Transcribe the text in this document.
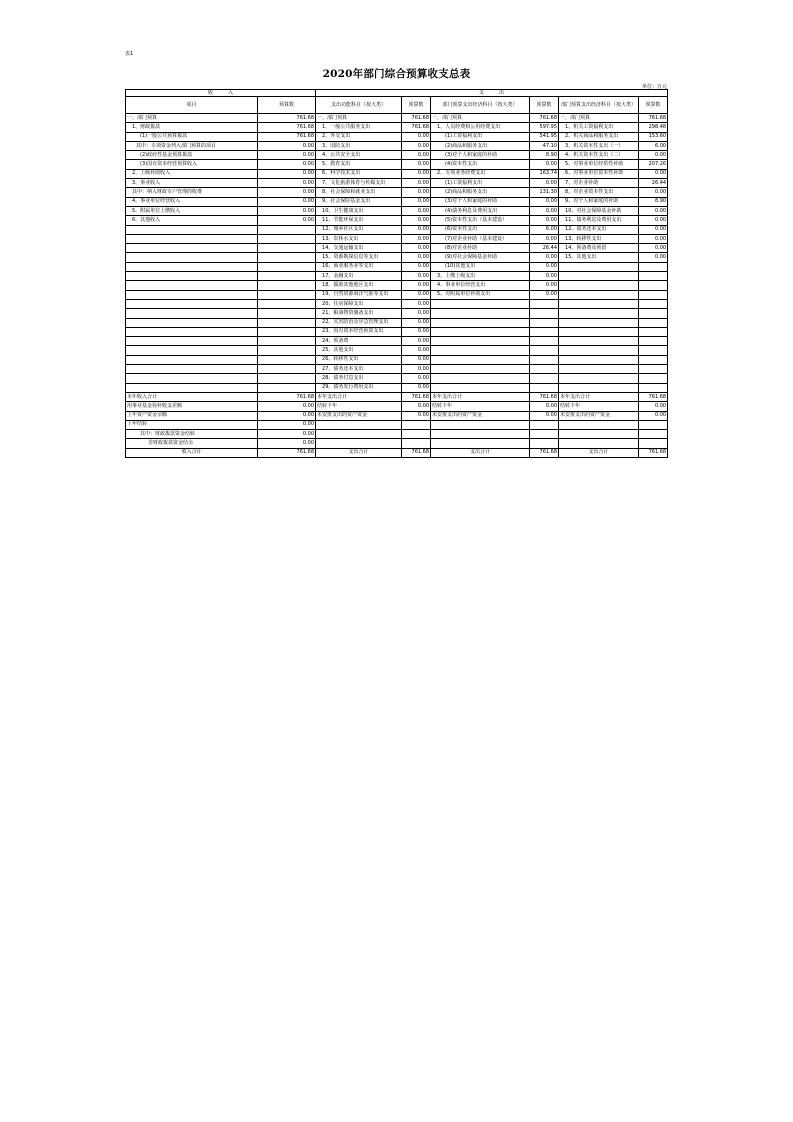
表1
2020年部门综合预算收支总表
单位：万元
收　　　入		支　　　出					
项目	预算数	支出功能科目（按大类）	预算数	部门预算支出经济科目（按大类）	预算数	部门预算支出经济科目（按大类）	预算数
一、部门预算	761.68	一、部门预算	761.68	一、部门预算	761.68	一、部门预算	761.68
1、财政拨款	761.68	1、一般公共服务支出	761.68	1、人员经费和公用经费支出	597.95	1、机关工资福利支出	298.48
(1)一般公共预算拨款	761.68	2、外交支出	0.00	(1)工资福利支出	541.95	2、机关商品和服务支出	153.60
其中：专项资金列入部门预算的项目	0.00	3、国防支出	0.00	(2)商品和服务支出	47.10	3、机关资本性支出（一）	6.00
(2)政府性基金预算拨款	0.00	4、公共安全支出	0.00	(3)对个人和家庭的补助	8.90	4、机关资本性支出（二）	0.00
(3)国有资本经营预算收入	0.00	5、教育支出	0.00	(4)资本性支出	0.00	5、对事业单位经常性补助	207.26
2、上级补助收入	0.00	6、科学技术支出	0.00	2、专项业务经费支出	163.74	6、对事业单位资本性补助	0.00
3、事业收入	0.00	7、文化旅游体育与传媒支出	0.00	(1)工资福利支出	0.00	7、对企业补助	26.44
其中：纳入财政专户管理的收费	0.00	8、社会保障和就业支出	0.00	(2)商品和服务支出	131.30	8、对企业资本性支出	0.00
4、事业单位经营收入	0.00	9、社会保险基金支出	0.00	(3)对个人和家庭的补助	0.00	9、对个人和家庭的补助	8.90
5、附属单位上缴收入	0.00	10、卫生健康支出	0.00	(4)债务利息及费用支出	0.00	10、对社会保障基金补助	0.00
6、其他收入	0.00	11、节能环保支出	0.00	(5)资本性支出（基本建设）	0.00	11、债务利息及费用支出	0.00
		12、城乡社区支出	0.00	(6)资本性支出	6.00	12、债务还本支出	0.00
		13、农林水支出	0.00	(7)对企业补助（基本建设）	0.00	13、转移性支出	0.00
		14、交通运输支出	0.00	(8)对企业补助	26.44	14、预备费及预留	0.00
		15、资源勘探信息等支出	0.00	(9)对社会保障基金补助	0.00	15、其他支出	0.00
		16、商业服务业等支出	0.00	(10)其他支出	0.00		
		17、金融支出	0.00	3、上缴上级支出	0.00		
		18、援助其他地区支出	0.00	4、事业单位经营支出	0.00		
		19、自然资源海洋气象等支出	0.00	5、对附属单位补助支出	0.00		
		20、住房保障支出	0.00				
		21、粮油物资储备支出	0.00				
		22、灾害防治及应急管理支出	0.00				
		23、国有资本经营预算支出	0.00				
		24、预备费	0.00				
		25、其他支出	0.00				
		26、转移性支出	0.00				
		27、债务还本支出	0.00				
		28、债务付息支出	0.00				
		29、债务发行费用支出	0.00				
本年收入合计	761.68	本年支出合计	761.68	本年支出合计	761.68	本年支出合计	761.68
用事业基金弥补收支差额	0.00	结转下年	0.00	结转下年	0.00	结转下年	0.00
上年资产资金余额	0.00	未安排支出的资产资金	0.00	未安排支出的资产资金	0.00	未安排支出的资产资金	0.00
上年结转	0.00						
其中：财政拨款资金结转	0.00						
非财政拨款资金结余	0.00						
收入合计	761.68	支出合计	761.68	支出合计	761.68	支出合计	761.68
